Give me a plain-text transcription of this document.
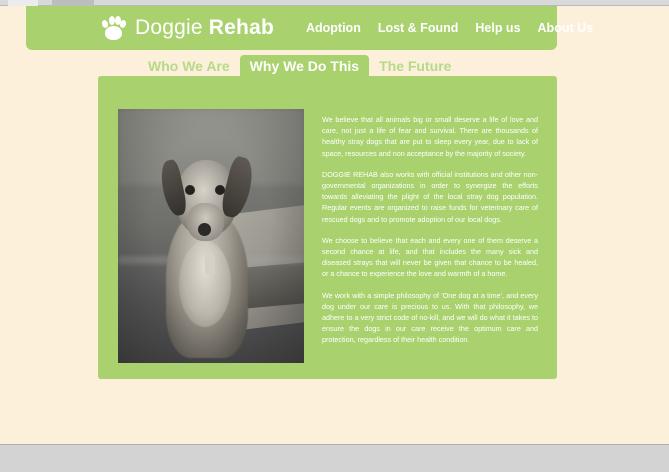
Doggie Rehab	Adoption Lost & Found Help us About Us
Who We Are	Why We Do This	The Future

We believe that all animals big or small deserve a life of love and care, not just a life of fear and survival. There are thousands of healthy stray dogs that are put to sleep every year, due to lack of space, resources and non acceptance by the majority of society.

DOGGIE REHAB also works with official institutions and other non-governmental organizations in order to synergize the efforts towards alleviating the plight of the local stray dog population. Regular events are organized to raise funds for veterinary care of rescued dogs and to promote adoption of our local dogs.

We choose to believe that each and every one of them deserve a second chance at life, and that includes the many sick and diseased strays that will never be given that chance to be healed, or a chance to experience the love and warmth of a home.

We work with a simple philosophy of 'One dog at a time', and every dog under our care is precious to us. With that philosophy, we adhere to a very strict code of no-kill, and we will do what it takes to ensure the dogs in our care receive the optimum care and protection, regardless of their health condition.
